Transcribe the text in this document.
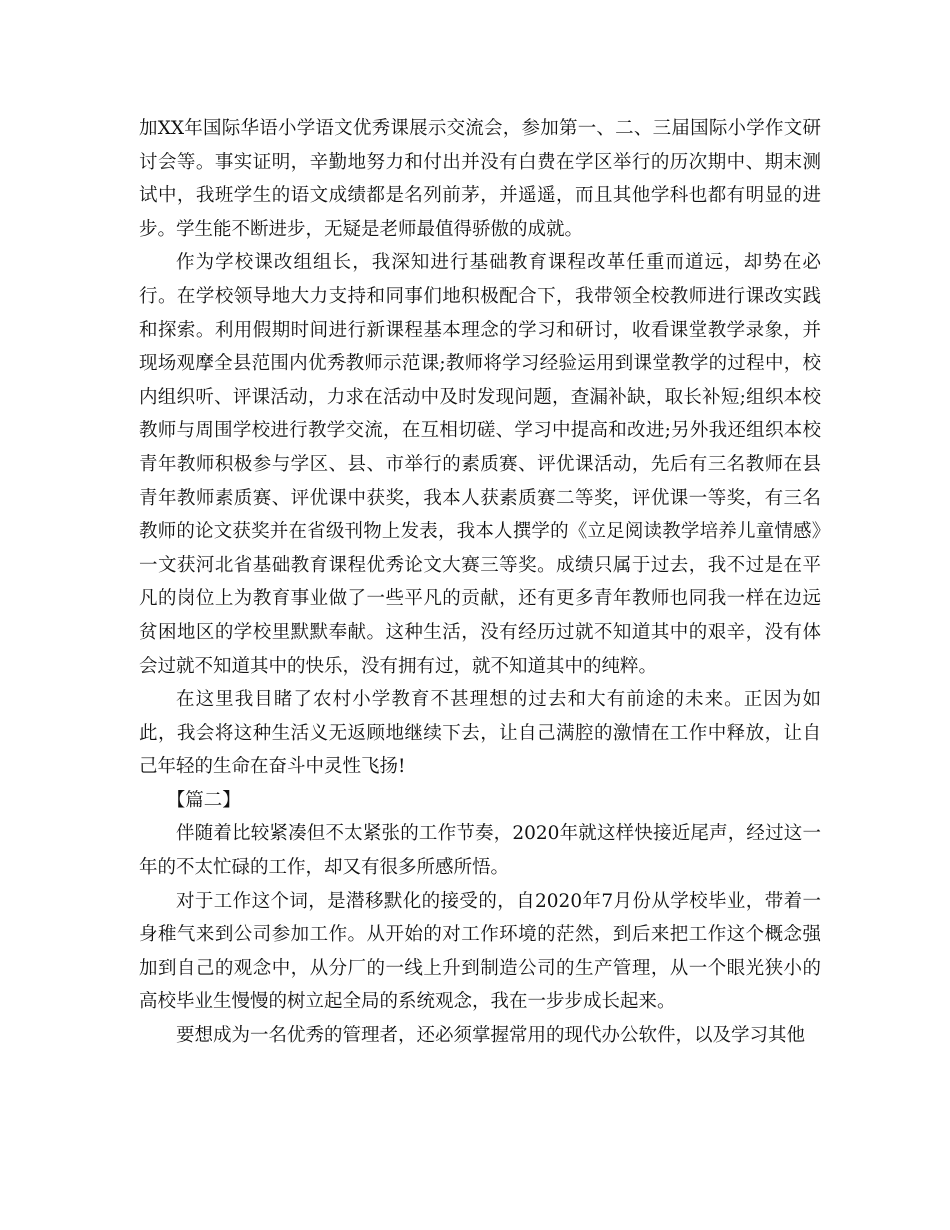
加XX年国际华语小学语文优秀课展示交流会，参加第一、二、三届国际小学作文研讨会等。事实证明，辛勤地努力和付出并没有白费在学区举行的历次期中、期末测试中，我班学生的语文成绩都是名列前茅，并遥遥，而且其他学科也都有明显的进步。学生能不断进步，无疑是老师最值得骄傲的成就。

作为学校课改组组长，我深知进行基础教育课程改革任重而道远，却势在必行。在学校领导地大力支持和同事们地积极配合下，我带领全校教师进行课改实践和探索。利用假期时间进行新课程基本理念的学习和研讨，收看课堂教学录象，并现场观摩全县范围内优秀教师示范课;教师将学习经验运用到课堂教学的过程中，校内组织听、评课活动，力求在活动中及时发现问题，查漏补缺，取长补短;组织本校教师与周围学校进行教学交流，在互相切磋、学习中提高和改进;另外我还组织本校青年教师积极参与学区、县、市举行的素质赛、评优课活动，先后有三名教师在县青年教师素质赛、评优课中获奖，我本人获素质赛二等奖，评优课一等奖，有三名教师的论文获奖并在省级刊物上发表，我本人撰学的《立足阅读教学培养儿童情感》一文获河北省基础教育课程优秀论文大赛三等奖。成绩只属于过去，我不过是在平凡的岗位上为教育事业做了一些平凡的贡献，还有更多青年教师也同我一样在边远贫困地区的学校里默默奉献。这种生活，没有经历过就不知道其中的艰辛，没有体会过就不知道其中的快乐，没有拥有过，就不知道其中的纯粹。

在这里我目睹了农村小学教育不甚理想的过去和大有前途的未来。正因为如此，我会将这种生活义无返顾地继续下去，让自己满腔的激情在工作中释放，让自己年轻的生命在奋斗中灵性飞扬!

【篇二】

伴随着比较紧凑但不太紧张的工作节奏，2020年就这样快接近尾声，经过这一年的不太忙碌的工作，却又有很多所感所悟。

对于工作这个词，是潜移默化的接受的，自2020年7月份从学校毕业，带着一身稚气来到公司参加工作。从开始的对工作环境的茫然，到后来把工作这个概念强加到自己的观念中，从分厂的一线上升到制造公司的生产管理，从一个眼光狭小的高校毕业生慢慢的树立起全局的系统观念，我在一步步成长起来。

要想成为一名优秀的管理者，还必须掌握常用的现代办公软件，以及学习其他
